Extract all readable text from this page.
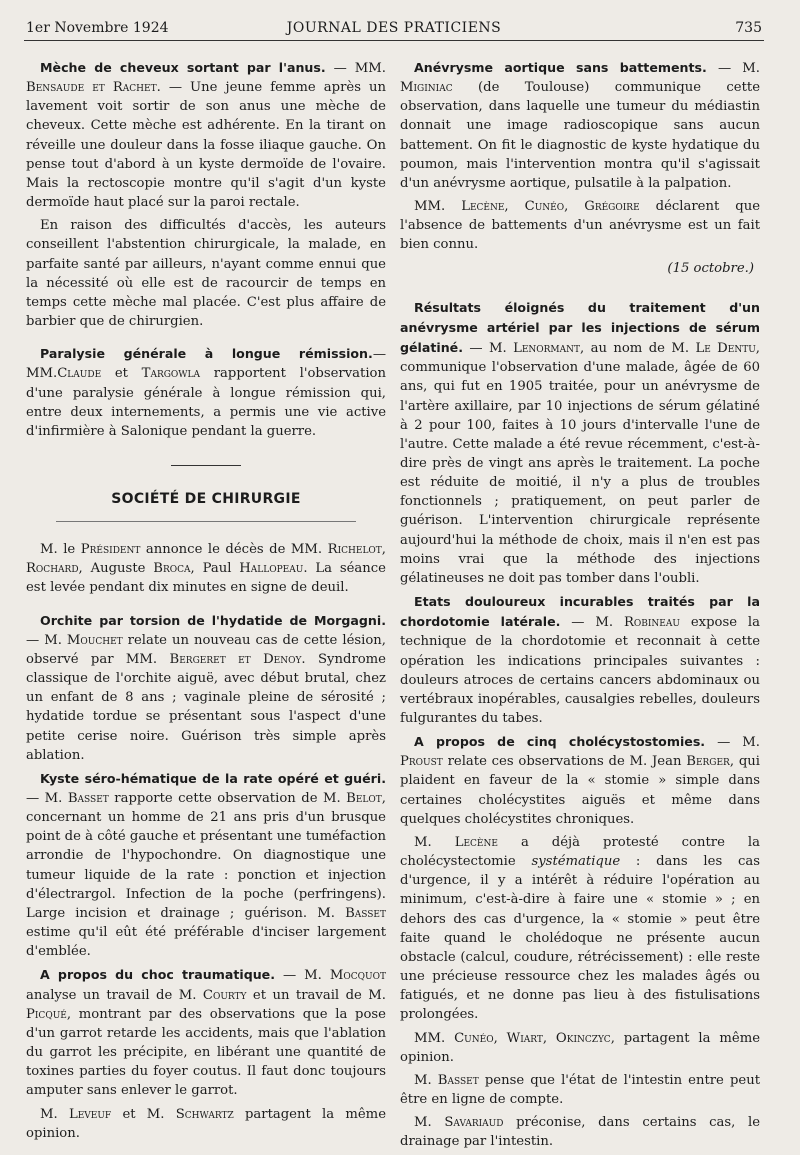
1er Novembre 1924	JOURNAL DES PRATICIENS	735

Mèche de cheveux sortant par l'anus. — MM. Bensaude et Rachet. — Une jeune femme après un lavement voit sortir de son anus une mèche de cheveux. Cette mèche est adhérente. En la tirant on réveille une douleur dans la fosse iliaque gauche. On pense tout d'abord à un kyste dermoïde de l'ovaire. Mais la rectoscopie montre qu'il s'agit d'un kyste dermoïde haut placé sur la paroi rectale.

En raison des difficultés d'accès, les auteurs conseillent l'abstention chirurgicale, la malade, en parfaite santé par ailleurs, n'ayant comme ennui que la nécessité où elle est de racourcir de temps en temps cette mèche mal placée. C'est plus affaire de barbier que de chirurgien.

Paralysie générale à longue rémission.—MM.Claude et Targowla rapportent l'observation d'une paralysie générale à longue rémission qui, entre deux internements, a permis une vie active d'infirmière à Salonique pendant la guerre.

SOCIÉTÉ DE CHIRURGIE

M. le Président annonce le décès de MM. Richelot, Rochard, Auguste Broca, Paul Hallopeau. La séance est levée pendant dix minutes en signe de deuil.

Orchite par torsion de l'hydatide de Morgagni. — M. Mouchet relate un nouveau cas de cette lésion, observé par MM. Bergeret et Denoy. Syndrome classique de l'orchite aiguë, avec début brutal, chez un enfant de 8 ans ; vaginale pleine de sérosité ; hydatide tordue se présentant sous l'aspect d'une petite cerise noire. Guérison très simple après ablation.

Kyste séro-hématique de la rate opéré et guéri. — M. Basset rapporte cette observation de M. Belot, concernant un homme de 21 ans pris d'un brusque point de à côté gauche et présentant une tuméfaction arrondie de l'hypochondre. On diagnostique une tumeur liquide de la rate : ponction et injection d'électrargol. Infection de la poche (perfringens). Large incision et drainage ; guérison. M. Basset estime qu'il eût été préférable d'inciser largement d'emblée.

A propos du choc traumatique. — M. Mocquot analyse un travail de M. Courty et un travail de M. Picqué, montrant par des observations que la pose d'un garrot retarde les accidents, mais que l'ablation du garrot les précipite, en libérant une quantité de toxines parties du foyer coutus. Il faut donc toujours amputer sans enlever le garrot.

M. Leveuf et M. Schwartz partagent la même opinion.

Anévrysme aortique sans battements. — M. Miginiac (de Toulouse) communique cette observation, dans laquelle une tumeur du médiastin donnait une image radioscopique sans aucun battement. On fit le diagnostic de kyste hydatique du poumon, mais l'intervention montra qu'il s'agissait d'un anévrysme aortique, pulsatile à la palpation.

MM. Lecène, Cunéo, Grégoire déclarent que l'absence de battements d'un anévrysme est un fait bien connu.

(15 octobre.)

Résultats éloignés du traitement d'un anévrysme artériel par les injections de sérum gélatiné. — M. Lenormant, au nom de M. Le Dentu, communique l'observation d'une malade, âgée de 60 ans, qui fut en 1905 traitée, pour un anévrysme de l'artère axillaire, par 10 injections de sérum gélatiné à 2 pour 100, faites à 10 jours d'intervalle l'une de l'autre. Cette malade a été revue récemment, c'est-à-dire près de vingt ans après le traitement. La poche est réduite de moitié, il n'y a plus de troubles fonctionnels ; pratiquement, on peut parler de guérison. L'intervention chirurgicale représente aujourd'hui la méthode de choix, mais il n'en est pas moins vrai que la méthode des injections gélatineuses ne doit pas tomber dans l'oubli.

Etats douloureux incurables traités par la chordotomie latérale. — M. Robineau expose la technique de la chordotomie et reconnait à cette opération les indications principales suivantes : douleurs atroces de certains cancers abdominaux ou vertébraux inopérables, causalgies rebelles, douleurs fulgurantes du tabes.

A propos de cinq cholécystostomies. — M. Proust relate ces observations de M. Jean Berger, qui plaident en faveur de la « stomie » simple dans certaines cholécystites aiguës et même dans quelques cholécystites chroniques.

M. Lecène a déjà protesté contre la cholécystectomie systématique : dans les cas d'urgence, il y a intérêt à réduire l'opération au minimum, c'est-à-dire à faire une « stomie » ; en dehors des cas d'urgence, la « stomie » peut être faite quand le cholédoque ne présente aucun obstacle (calcul, coudure, rétrécissement) : elle reste une précieuse ressource chez les malades âgés ou fatigués, et ne donne pas lieu à des fistulisations prolongées.

MM. Cunéo, Wiart, Okinczyc, partagent la même opinion.

M. Basset pense que l'état de l'intestin entre peut être en ligne de compte.

M. Savariaud préconise, dans certains cas, le drainage par l'intestin.
